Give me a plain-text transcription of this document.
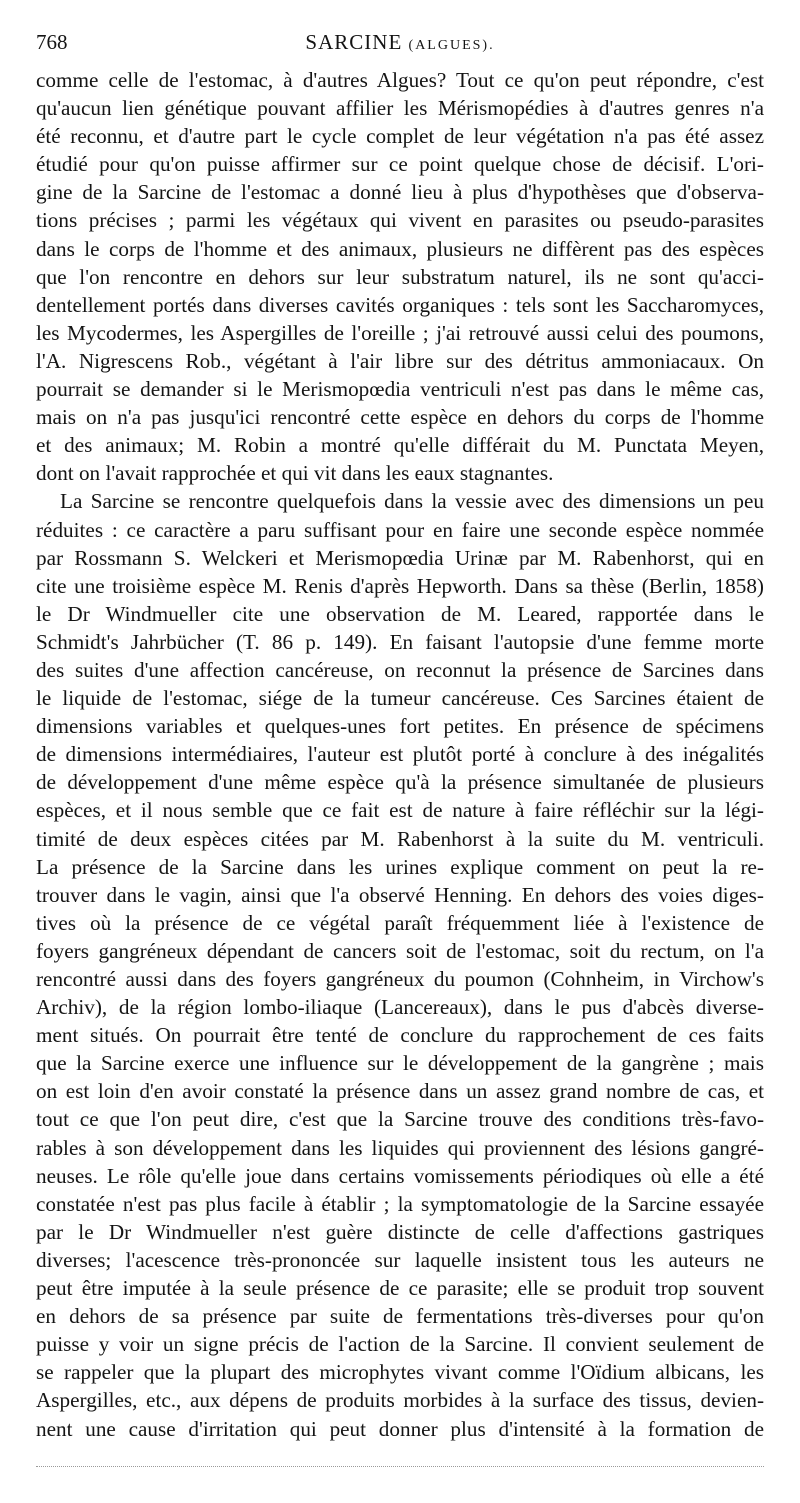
768	SARCINE (ALGUES).
comme celle de l'estomac, à d'autres Algues? Tout ce qu'on peut répondre, c'est
qu'aucun lien génétique pouvant affilier les Mérismopédies à d'autres genres n'a
été reconnu, et d'autre part le cycle complet de leur végétation n'a pas été assez
étudié pour qu'on puisse affirmer sur ce point quelque chose de décisif. L'ori-
gine de la Sarcine de l'estomac a donné lieu à plus d'hypothèses que d'observa-
tions précises ; parmi les végétaux qui vivent en parasites ou pseudo-parasites
dans le corps de l'homme et des animaux, plusieurs ne diffèrent pas des espèces
que l'on rencontre en dehors sur leur substratum naturel, ils ne sont qu'acci-
dentellement portés dans diverses cavités organiques : tels sont les Saccharomyces,
les Mycodermes, les Aspergilles de l'oreille ; j'ai retrouvé aussi celui des poumons,
l'A. Nigrescens Rob., végétant à l'air libre sur des détritus ammoniacaux. On
pourrait se demander si le Merismopœdia ventriculi n'est pas dans le même cas,
mais on n'a pas jusqu'ici rencontré cette espèce en dehors du corps de l'homme
et des animaux; M. Robin a montré qu'elle différait du M. Punctata Meyen,
dont on l'avait rapprochée et qui vit dans les eaux stagnantes.
La Sarcine se rencontre quelquefois dans la vessie avec des dimensions un peu
réduites : ce caractère a paru suffisant pour en faire une seconde espèce nommée
par Rossmann S. Welckeri et Merismopœdia Urinæ par M. Rabenhorst, qui en
cite une troisième espèce M. Renis d'après Hepworth. Dans sa thèse (Berlin, 1858)
le Dr Windmueller cite une observation de M. Leared, rapportée dans le
Schmidt's Jahrbücher (T. 86 p. 149). En faisant l'autopsie d'une femme morte
des suites d'une affection cancéreuse, on reconnut la présence de Sarcines dans
le liquide de l'estomac, siége de la tumeur cancéreuse. Ces Sarcines étaient de
dimensions variables et quelques-unes fort petites. En présence de spécimens
de dimensions intermédiaires, l'auteur est plutôt porté à conclure à des inégalités
de développement d'une même espèce qu'à la présence simultanée de plusieurs
espèces, et il nous semble que ce fait est de nature à faire réfléchir sur la légi-
timité de deux espèces citées par M. Rabenhorst à la suite du M. ventriculi.
La présence de la Sarcine dans les urines explique comment on peut la re-
trouver dans le vagin, ainsi que l'a observé Henning. En dehors des voies diges-
tives où la présence de ce végétal paraît fréquemment liée à l'existence de
foyers gangréneux dépendant de cancers soit de l'estomac, soit du rectum, on l'a
rencontré aussi dans des foyers gangréneux du poumon (Cohnheim, in Virchow's
Archiv), de la région lombo-iliaque (Lancereaux), dans le pus d'abcès diverse-
ment situés. On pourrait être tenté de conclure du rapprochement de ces faits
que la Sarcine exerce une influence sur le développement de la gangrène ; mais
on est loin d'en avoir constaté la présence dans un assez grand nombre de cas, et
tout ce que l'on peut dire, c'est que la Sarcine trouve des conditions très-favo-
rables à son développement dans les liquides qui proviennent des lésions gangré-
neuses. Le rôle qu'elle joue dans certains vomissements périodiques où elle a été
constatée n'est pas plus facile à établir ; la symptomatologie de la Sarcine essayée
par le Dr Windmueller n'est guère distincte de celle d'affections gastriques
diverses; l'acescence très-prononcée sur laquelle insistent tous les auteurs ne
peut être imputée à la seule présence de ce parasite; elle se produit trop souvent
en dehors de sa présence par suite de fermentations très-diverses pour qu'on
puisse y voir un signe précis de l'action de la Sarcine. Il convient seulement de
se rappeler que la plupart des microphytes vivant comme l'Oïdium albicans, les
Aspergilles, etc., aux dépens de produits morbides à la surface des tissus, devien-
nent une cause d'irritation qui peut donner plus d'intensité à la formation de
